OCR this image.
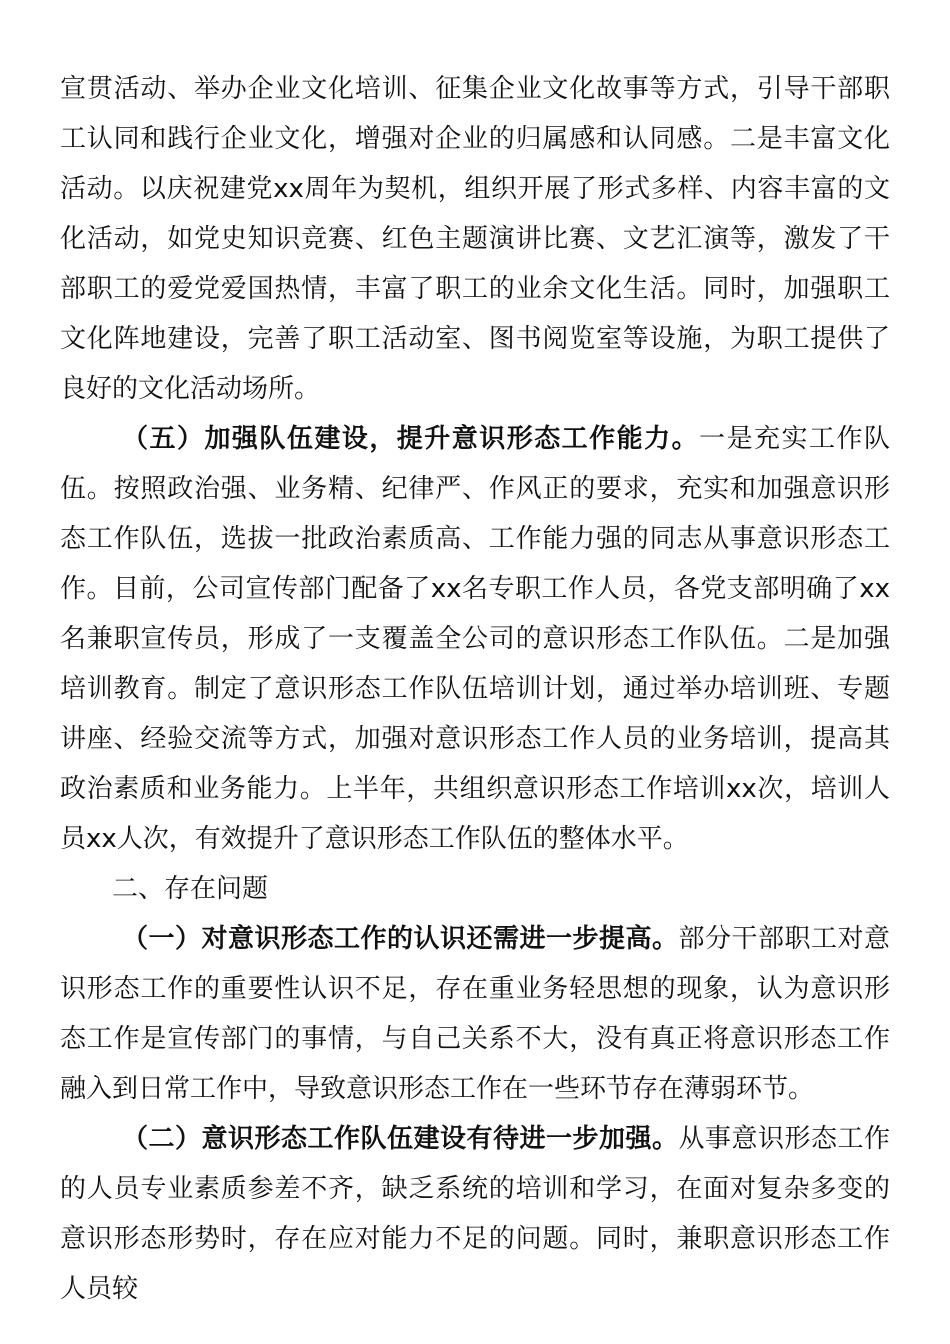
宣贯活动、举办企业文化培训、征集企业文化故事等方式，引导干部职工认同和践行企业文化，增强对企业的归属感和认同感。二是丰富文化活动。以庆祝建党xx周年为契机，组织开展了形式多样、内容丰富的文化活动，如党史知识竞赛、红色主题演讲比赛、文艺汇演等，激发了干部职工的爱党爱国热情，丰富了职工的业余文化生活。同时，加强职工文化阵地建设，完善了职工活动室、图书阅览室等设施，为职工提供了良好的文化活动场所。

（五）加强队伍建设，提升意识形态工作能力。一是充实工作队伍。按照政治强、业务精、纪律严、作风正的要求，充实和加强意识形态工作队伍，选拔一批政治素质高、工作能力强的同志从事意识形态工作。目前，公司宣传部门配备了xx名专职工作人员，各党支部明确了xx名兼职宣传员，形成了一支覆盖全公司的意识形态工作队伍。二是加强培训教育。制定了意识形态工作队伍培训计划，通过举办培训班、专题讲座、经验交流等方式，加强对意识形态工作人员的业务培训，提高其政治素质和业务能力。上半年，共组织意识形态工作培训xx次，培训人员xx人次，有效提升了意识形态工作队伍的整体水平。

二、存在问题

（一）对意识形态工作的认识还需进一步提高。部分干部职工对意识形态工作的重要性认识不足，存在重业务轻思想的现象，认为意识形态工作是宣传部门的事情，与自己关系不大，没有真正将意识形态工作融入到日常工作中，导致意识形态工作在一些环节存在薄弱环节。

（二）意识形态工作队伍建设有待进一步加强。从事意识形态工作的人员专业素质参差不齐，缺乏系统的培训和学习，在面对复杂多变的意识形态形势时，存在应对能力不足的问题。同时，兼职意识形态工作人员较
